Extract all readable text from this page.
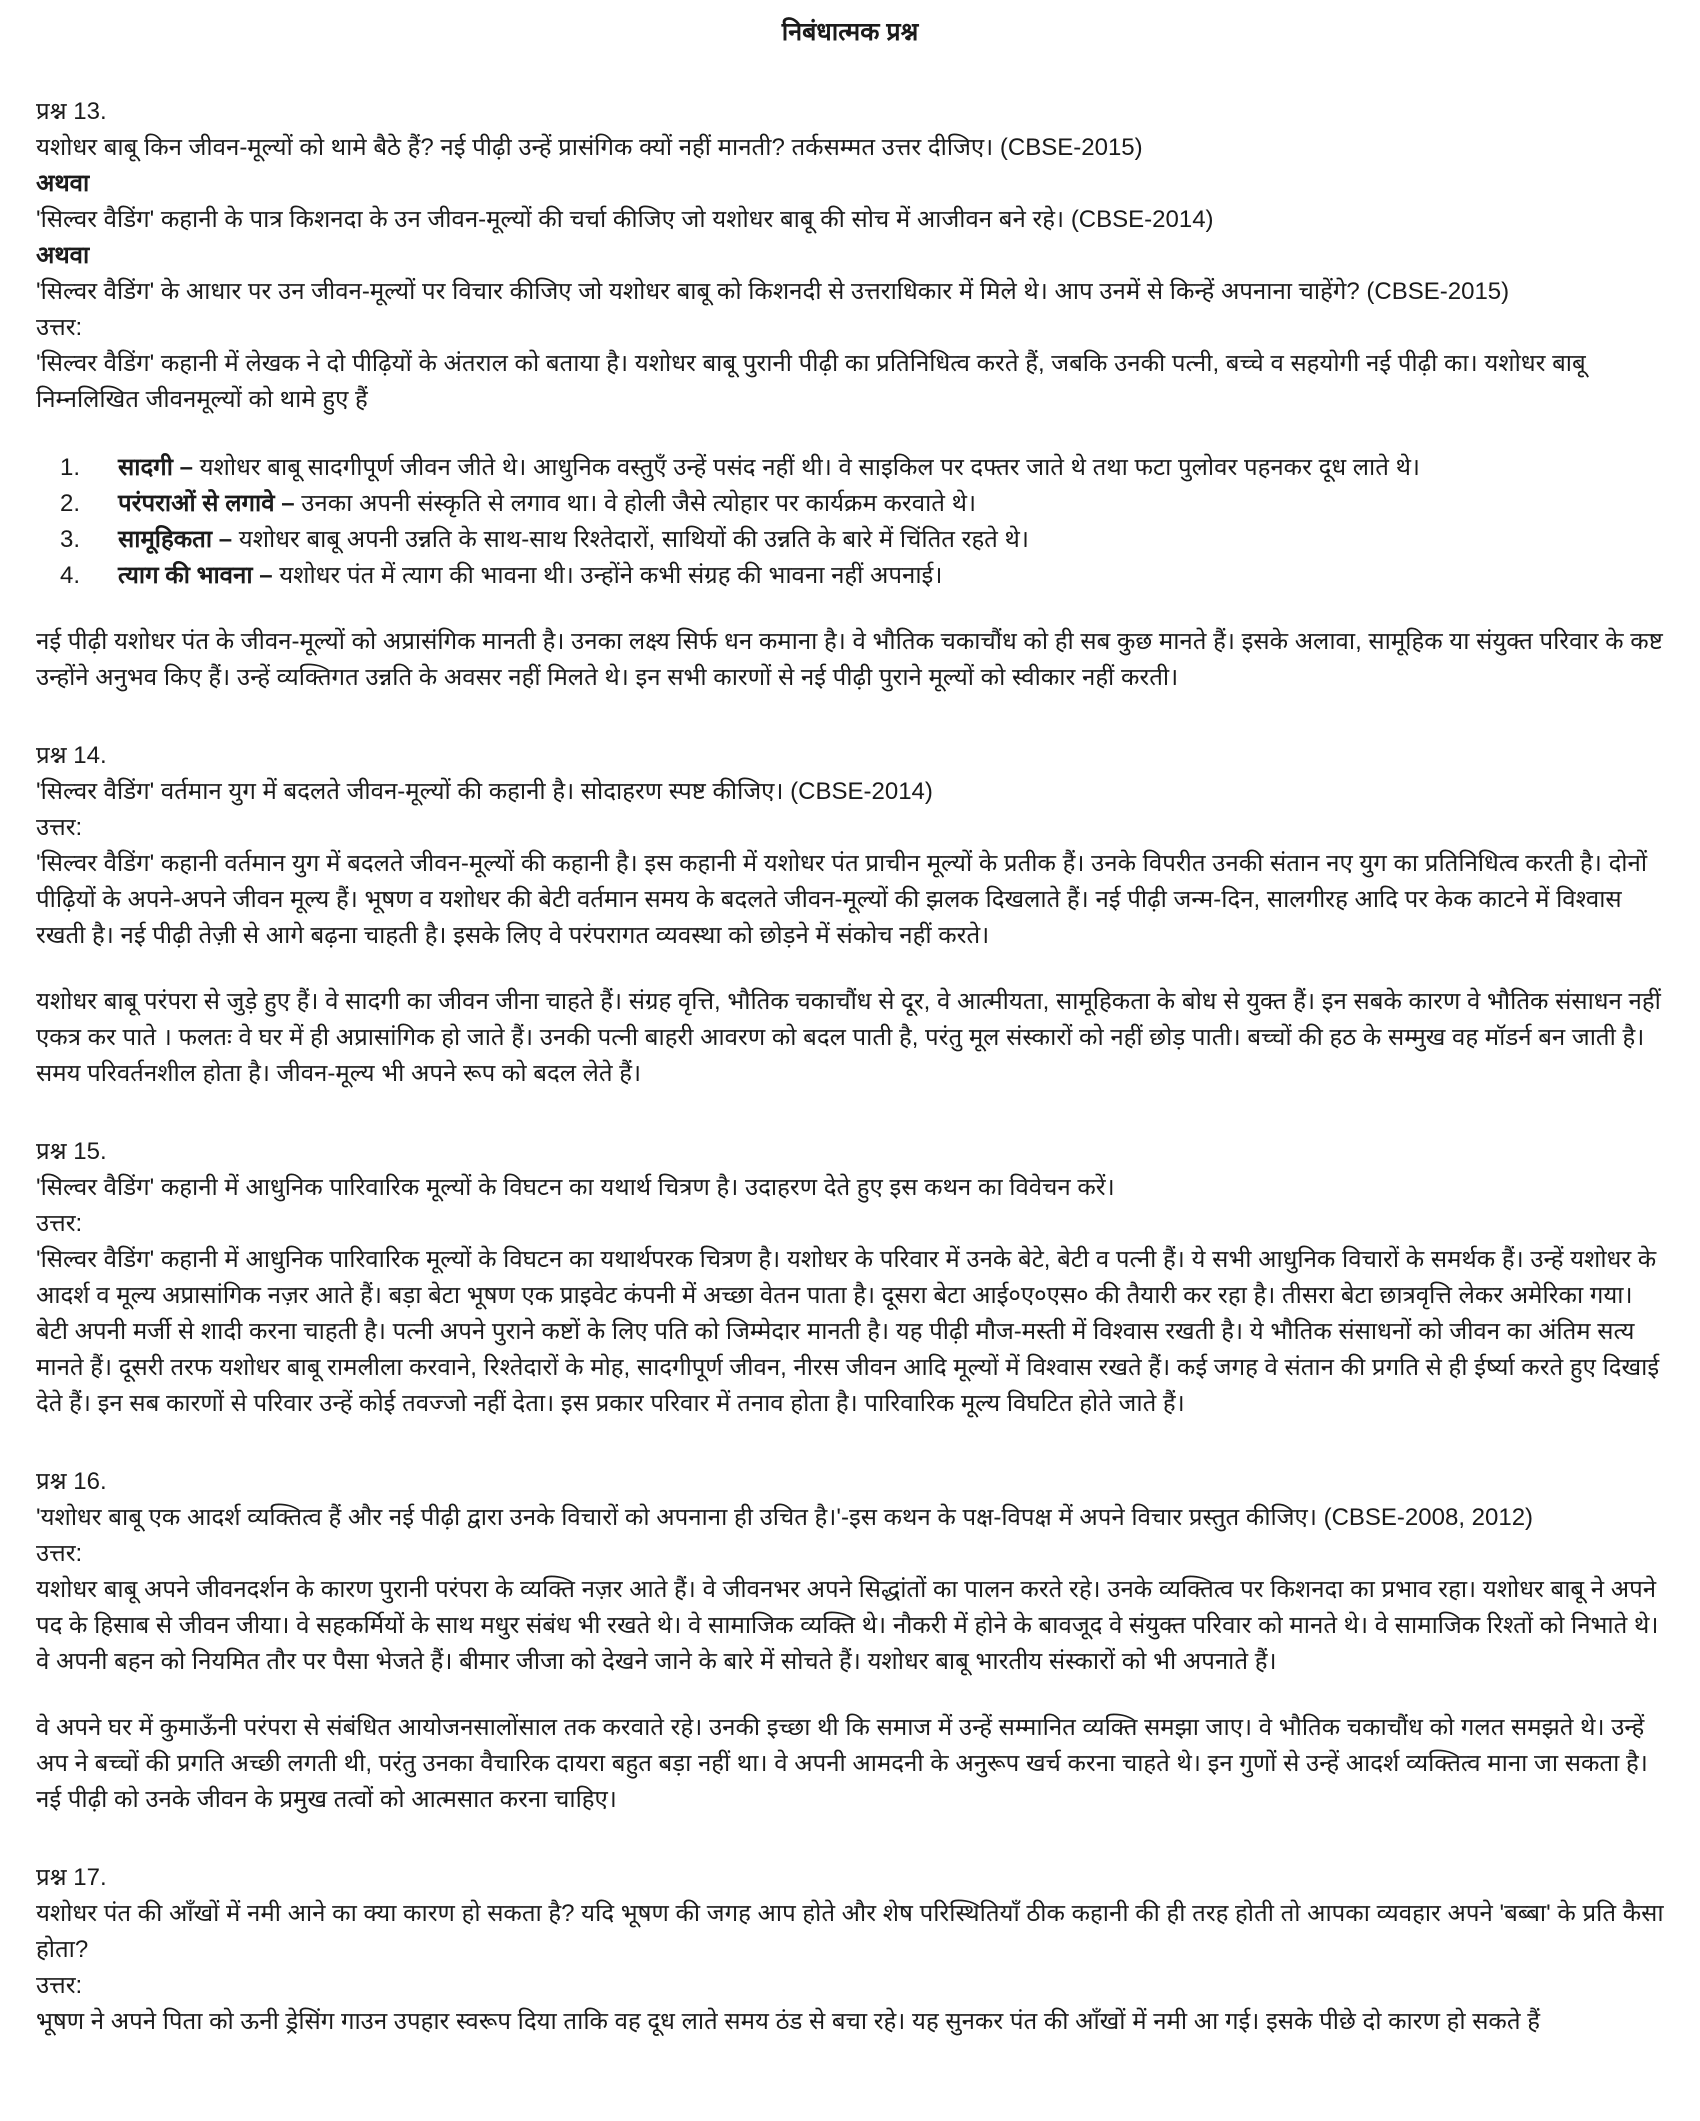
निबंधात्मक प्रश्न

प्रश्न 13.

यशोधर बाबू किन जीवन-मूल्यों को थामे बैठे हैं? नई पीढ़ी उन्हें प्रासंगिक क्यों नहीं मानती? तर्कसम्मत उत्तर दीजिए। (CBSE-2015)

अथवा

'सिल्वर वैडिंग' कहानी के पात्र किशनदा के उन जीवन-मूल्यों की चर्चा कीजिए जो यशोधर बाबू की सोच में आजीवन बने रहे। (CBSE-2014)

अथवा

'सिल्वर वैडिंग' के आधार पर उन जीवन-मूल्यों पर विचार कीजिए जो यशोधर बाबू को किशनदी से उत्तराधिकार में मिले थे। आप उनमें से किन्हें अपनाना चाहेंगे? (CBSE-2015)

उत्तर:

'सिल्वर वैडिंग' कहानी में लेखक ने दो पीढ़ियों के अंतराल को बताया है। यशोधर बाबू पुरानी पीढ़ी का प्रतिनिधित्व करते हैं, जबकि उनकी पत्नी, बच्चे व सहयोगी नई पीढ़ी का। यशोधर बाबू निम्नलिखित जीवनमूल्यों को थामे हुए हैं

1.	सादगी – यशोधर बाबू सादगीपूर्ण जीवन जीते थे। आधुनिक वस्तुएँ उन्हें पसंद नहीं थी। वे साइकिल पर दफ्तर जाते थे तथा फटा पुलोवर पहनकर दूध लाते थे।
2.	परंपराओं से लगावे – उनका अपनी संस्कृति से लगाव था। वे होली जैसे त्योहार पर कार्यक्रम करवाते थे।
3.	सामूहिकता – यशोधर बाबू अपनी उन्नति के साथ-साथ रिश्तेदारों, साथियों की उन्नति के बारे में चिंतित रहते थे।
4.	त्याग की भावना – यशोधर पंत में त्याग की भावना थी। उन्होंने कभी संग्रह की भावना नहीं अपनाई।

नई पीढ़ी यशोधर पंत के जीवन-मूल्यों को अप्रासंगिक मानती है। उनका लक्ष्य सिर्फ धन कमाना है। वे भौतिक चकाचौंध को ही सब कुछ मानते हैं। इसके अलावा, सामूहिक या संयुक्त परिवार के कष्ट उन्होंने अनुभव किए हैं। उन्हें व्यक्तिगत उन्नति के अवसर नहीं मिलते थे। इन सभी कारणों से नई पीढ़ी पुराने मूल्यों को स्वीकार नहीं करती।

प्रश्न 14.

'सिल्वर वैडिंग' वर्तमान युग में बदलते जीवन-मूल्यों की कहानी है। सोदाहरण स्पष्ट कीजिए। (CBSE-2014)

उत्तर:

'सिल्वर वैडिंग' कहानी वर्तमान युग में बदलते जीवन-मूल्यों की कहानी है। इस कहानी में यशोधर पंत प्राचीन मूल्यों के प्रतीक हैं। उनके विपरीत उनकी संतान नए युग का प्रतिनिधित्व करती है। दोनों पीढ़ियों के अपने-अपने जीवन मूल्य हैं। भूषण व यशोधर की बेटी वर्तमान समय के बदलते जीवन-मूल्यों की झलक दिखलाते हैं। नई पीढ़ी जन्म-दिन, सालगीरह आदि पर केक काटने में विश्वास रखती है। नई पीढ़ी तेज़ी से आगे बढ़ना चाहती है। इसके लिए वे परंपरागत व्यवस्था को छोड़ने में संकोच नहीं करते।

यशोधर बाबू परंपरा से जुड़े हुए हैं। वे सादगी का जीवन जीना चाहते हैं। संग्रह वृत्ति, भौतिक चकाचौंध से दूर, वे आत्मीयता, सामूहिकता के बोध से युक्त हैं। इन सबके कारण वे भौतिक संसाधन नहीं एकत्र कर पाते । फलतः वे घर में ही अप्रासांगिक हो जाते हैं। उनकी पत्नी बाहरी आवरण को बदल पाती है, परंतु मूल संस्कारों को नहीं छोड़ पाती। बच्चों की हठ के सम्मुख वह मॉडर्न बन जाती है। समय परिवर्तनशील होता है। जीवन-मूल्य भी अपने रूप को बदल लेते हैं।

प्रश्न 15.

'सिल्वर वैडिंग' कहानी में आधुनिक पारिवारिक मूल्यों के विघटन का यथार्थ चित्रण है। उदाहरण देते हुए इस कथन का विवेचन करें।

उत्तर:

'सिल्वर वैडिंग' कहानी में आधुनिक पारिवारिक मूल्यों के विघटन का यथार्थपरक चित्रण है। यशोधर के परिवार में उनके बेटे, बेटी व पत्नी हैं। ये सभी आधुनिक विचारों के समर्थक हैं। उन्हें यशोधर के आदर्श व मूल्य अप्रासांगिक नज़र आते हैं। बड़ा बेटा भूषण एक प्राइवेट कंपनी में अच्छा वेतन पाता है। दूसरा बेटा आई०ए०एस० की तैयारी कर रहा है। तीसरा बेटा छात्रवृत्ति लेकर अमेरिका गया। बेटी अपनी मर्जी से शादी करना चाहती है। पत्नी अपने पुराने कष्टों के लिए पति को जिम्मेदार मानती है। यह पीढ़ी मौज-मस्ती में विश्वास रखती है। ये भौतिक संसाधनों को जीवन का अंतिम सत्य मानते हैं। दूसरी तरफ यशोधर बाबू रामलीला करवाने, रिश्तेदारों के मोह, सादगीपूर्ण जीवन, नीरस जीवन आदि मूल्यों में विश्वास रखते हैं। कई जगह वे संतान की प्रगति से ही ईर्ष्या करते हुए दिखाई देते हैं। इन सब कारणों से परिवार उन्हें कोई तवज्जो नहीं देता। इस प्रकार परिवार में तनाव होता है। पारिवारिक मूल्य विघटित होते जाते हैं।

प्रश्न 16.

'यशोधर बाबू एक आदर्श व्यक्तित्व हैं और नई पीढ़ी द्वारा उनके विचारों को अपनाना ही उचित है।'-इस कथन के पक्ष-विपक्ष में अपने विचार प्रस्तुत कीजिए। (CBSE-2008, 2012)

उत्तर:

यशोधर बाबू अपने जीवनदर्शन के कारण पुरानी परंपरा के व्यक्ति नज़र आते हैं। वे जीवनभर अपने सिद्धांतों का पालन करते रहे। उनके व्यक्तित्व पर किशनदा का प्रभाव रहा। यशोधर बाबू ने अपने पद के हिसाब से जीवन जीया। वे सहकर्मियों के साथ मधुर संबंध भी रखते थे। वे सामाजिक व्यक्ति थे। नौकरी में होने के बावजूद वे संयुक्त परिवार को मानते थे। वे सामाजिक रिश्तों को निभाते थे। वे अपनी बहन को नियमित तौर पर पैसा भेजते हैं। बीमार जीजा को देखने जाने के बारे में सोचते हैं। यशोधर बाबू भारतीय संस्कारों को भी अपनाते हैं।

वे अपने घर में कुमाऊँनी परंपरा से संबंधित आयोजनसालोंसाल तक करवाते रहे। उनकी इच्छा थी कि समाज में उन्हें सम्मानित व्यक्ति समझा जाए। वे भौतिक चकाचौंध को गलत समझते थे। उन्हें अप ने बच्चों की प्रगति अच्छी लगती थी, परंतु उनका वैचारिक दायरा बहुत बड़ा नहीं था। वे अपनी आमदनी के अनुरूप खर्च करना चाहते थे। इन गुणों से उन्हें आदर्श व्यक्तित्व माना जा सकता है। नई पीढ़ी को उनके जीवन के प्रमुख तत्वों को आत्मसात करना चाहिए।

प्रश्न 17.

यशोधर पंत की आँखों में नमी आने का क्या कारण हो सकता है? यदि भूषण की जगह आप होते और शेष परिस्थितियाँ ठीक कहानी की ही तरह होती तो आपका व्यवहार अपने 'बब्बा' के प्रति कैसा होता?

उत्तर:

भूषण ने अपने पिता को ऊनी ड्रेसिंग गाउन उपहार स्वरूप दिया ताकि वह दूध लाते समय ठंड से बचा रहे। यह सुनकर पंत की आँखों में नमी आ गई। इसके पीछे दो कारण हो सकते हैं
